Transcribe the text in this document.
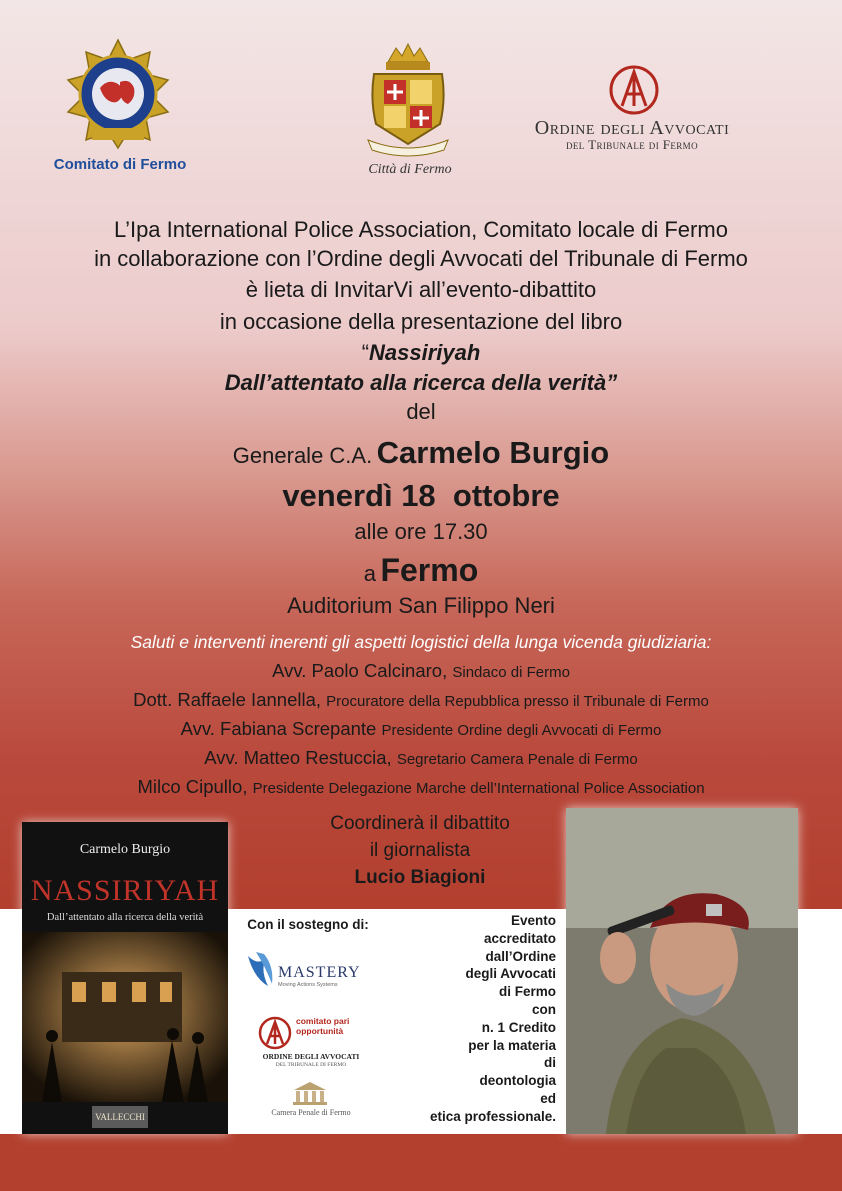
Comitato di Fermo	Città di Fermo
Ordine degli Avvocati
del Tribunale di Fermo
L’Ipa International Police Association, Comitato locale di Fermo
in collaborazione con l’Ordine degli Avvocati del Tribunale di Fermo
è lieta di InvitarVi all’evento-dibattito
in occasione della presentazione del libro
“Nassiriyah
Dall’attentato alla ricerca della verità”
del
Generale C.A. Carmelo Burgio
venerdì 18  ottobre
alle ore 17.30
a Fermo
Auditorium San Filippo Neri
Saluti e interventi inerenti gli aspetti logistici della lunga vicenda giudiziaria:
Avv. Paolo Calcinaro, Sindaco di Fermo
Dott. Raffaele Iannella, Procuratore della Repubblica presso il Tribunale di Fermo
Avv. Fabiana Screpante Presidente Ordine degli Avvocati di Fermo
Avv. Matteo Restuccia, Segretario Camera Penale di Fermo
Milco Cipullo, Presidente Delegazione Marche dell’International Police Association
Coordinerà il dibattito
il giornalista
Lucio Biagioni
Carmelo Burgio
NASSIRIYAH
Dall’attentato alla ricerca della verità
VALLECCHI
Con il sostegno di:
MASTERY
Moving Actions Systems
comitato pari opportunità
ORDINE DEGLI AVVOCATI
DEL TRIBUNALE DI FERMO
Camera Penale di Fermo
Evento
accreditato
dall’Ordine
degli Avvocati
di Fermo
con
n. 1 Credito
per la materia
di
deontologia
ed
etica professionale.
